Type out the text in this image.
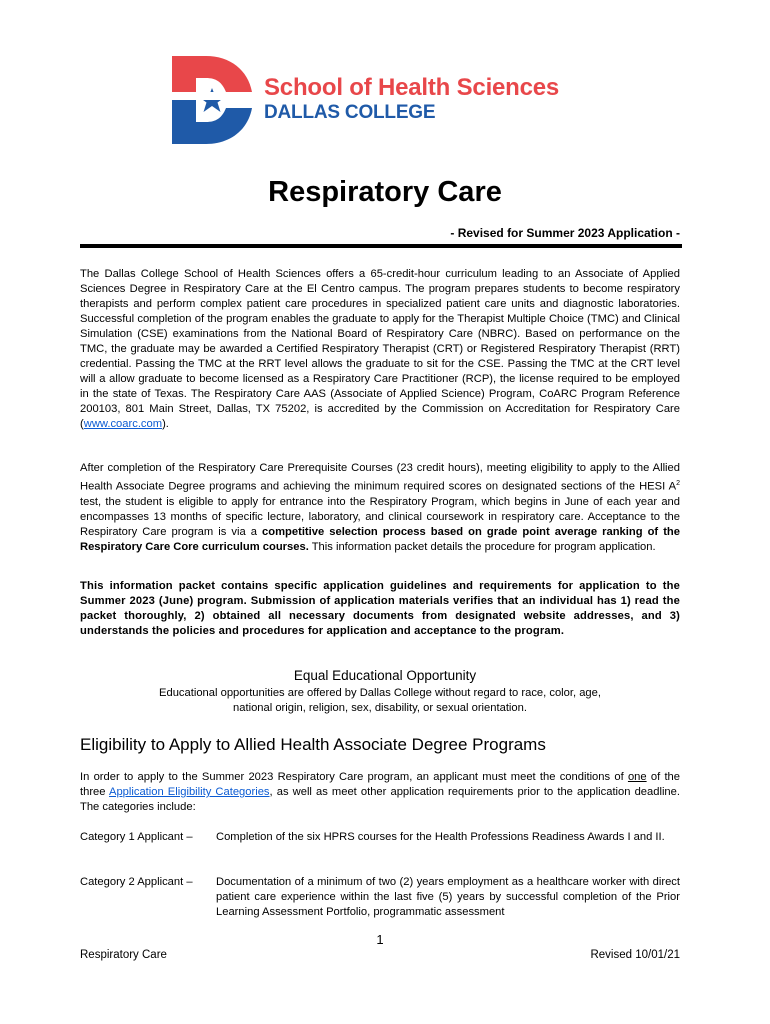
School of Health Sciences
DALLAS COLLEGE
Respiratory Care
- Revised for Summer 2023 Application -
The Dallas College School of Health Sciences offers a 65-credit-hour curriculum leading to an Associate of Applied Sciences Degree in Respiratory Care at the El Centro campus. The program prepares students to become respiratory therapists and perform complex patient care procedures in specialized patient care units and diagnostic laboratories. Successful completion of the program enables the graduate to apply for the Therapist Multiple Choice (TMC) and Clinical Simulation (CSE) examinations from the National Board of Respiratory Care (NBRC). Based on performance on the TMC, the graduate may be awarded a Certified Respiratory Therapist (CRT) or Registered Respiratory Therapist (RRT) credential. Passing the TMC at the RRT level allows the graduate to sit for the CSE. Passing the TMC at the CRT level will a allow graduate to become licensed as a Respiratory Care Practitioner (RCP), the license required to be employed in the state of Texas. The Respiratory Care AAS (Associate of Applied Science) Program, CoARC Program Reference 200103, 801 Main Street, Dallas, TX 75202, is accredited by the Commission on Accreditation for Respiratory Care (www.coarc.com).
After completion of the Respiratory Care Prerequisite Courses (23 credit hours), meeting eligibility to apply to the Allied Health Associate Degree programs and achieving the minimum required scores on designated sections of the HESI $A^2$ test, the student is eligible to apply for entrance into the Respiratory Program, which begins in June of each year and encompasses 13 months of specific lecture, laboratory, and clinical coursework in respiratory care. Acceptance to the Respiratory Care program is via a competitive selection process based on grade point average ranking of the Respiratory Care Core curriculum courses. This information packet details the procedure for program application.
This information packet contains specific application guidelines and requirements for application to the Summer 2023 (June) program. Submission of application materials verifies that an individual has 1) read the packet thoroughly, 2) obtained all necessary documents from designated website addresses, and 3) understands the policies and procedures for application and acceptance to the program.
Equal Educational Opportunity
Educational opportunities are offered by Dallas College without regard to race, color, age,
national origin, religion, sex, disability, or sexual orientation.
Eligibility to Apply to Allied Health Associate Degree Programs
In order to apply to the Summer 2023 Respiratory Care program, an applicant must meet the conditions of one of the three Application Eligibility Categories, as well as meet other application requirements prior to the application deadline. The categories include:
Category 1 Applicant – Completion of the six HPRS courses for the Health Professions Readiness Awards I and II.
Category 2 Applicant – Documentation of a minimum of two (2) years employment as a healthcare worker with direct patient care experience within the last five (5) years by successful completion of the Prior Learning Assessment Portfolio, programmatic assessment
1
Respiratory Care	Revised 10/01/21
